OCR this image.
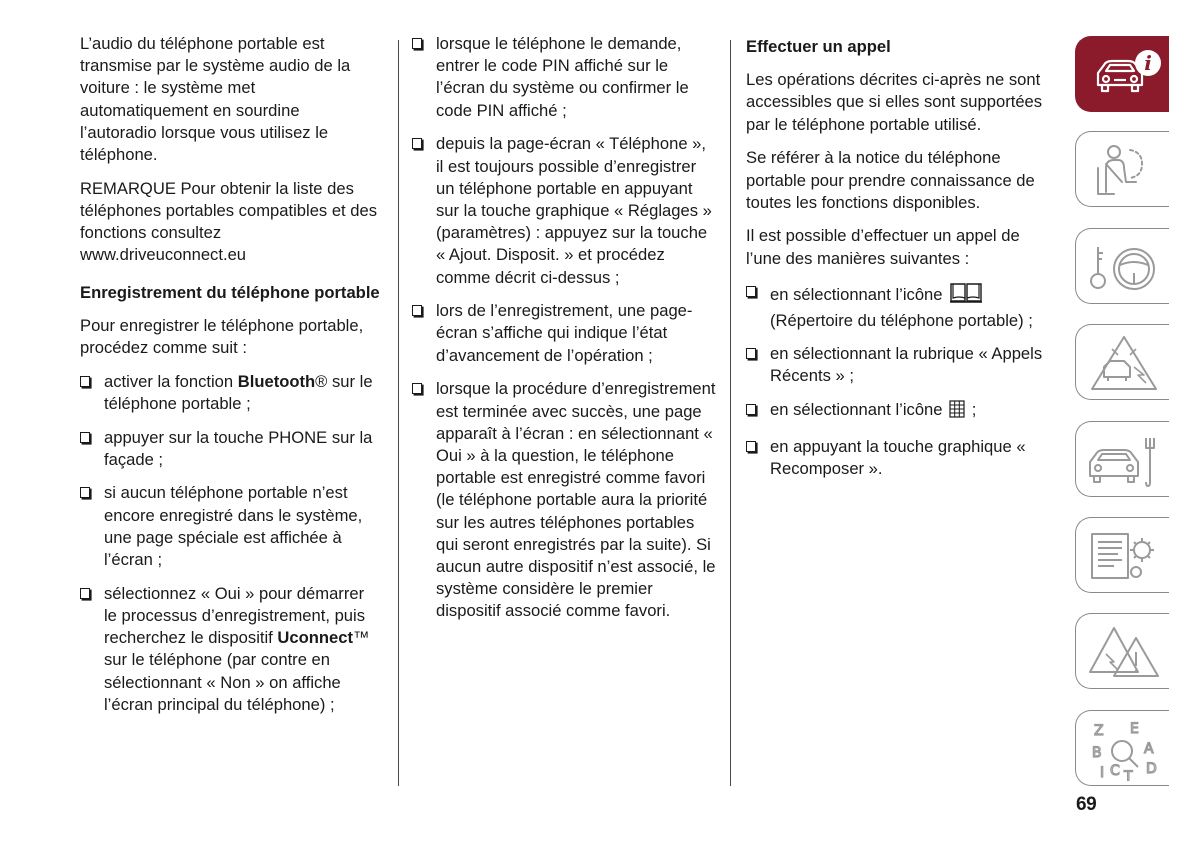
L’audio du téléphone portable est transmise par le système audio de la voiture : le système met automatiquement en sourdine l’autoradio lorsque vous utilisez le téléphone.

REMARQUE Pour obtenir la liste des téléphones portables compatibles et des fonctions consultez www.driveuconnect.eu

Enregistrement du téléphone portable

Pour enregistrer le téléphone portable, procédez comme suit :

activer la fonction Bluetooth® sur le téléphone portable ;
appuyer sur la touche PHONE sur la façade ;
si aucun téléphone portable n’est encore enregistré dans le système, une page spéciale est affichée à l’écran ;
sélectionnez « Oui » pour démarrer le processus d’enregistrement, puis recherchez le dispositif Uconnect™ sur le téléphone (par contre en sélectionnant « Non » on affiche l’écran principal du téléphone) ;
lorsque le téléphone le demande, entrer le code PIN affiché sur le l’écran du système ou confirmer le code PIN affiché ;
depuis la page-écran « Téléphone », il est toujours possible d’enregistrer un téléphone portable en appuyant sur la touche graphique « Réglages » (paramètres) : appuyez sur la touche « Ajout. Disposit. » et procédez comme décrit ci-dessus ;
lors de l’enregistrement, une page-écran s’affiche qui indique l’état d’avancement de l’opération ;
lorsque la procédure d’enregistrement est terminée avec succès, une page apparaît à l’écran : en sélectionnant « Oui » à la question, le téléphone portable est enregistré comme favori (le téléphone portable aura la priorité sur les autres téléphones portables qui seront enregistrés par la suite). Si aucun autre dispositif n’est associé, le système considère le premier dispositif associé comme favori.
Effectuer un appel

Les opérations décrites ci-après ne sont accessibles que si elles sont supportées par le téléphone portable utilisé.

Se référer à la notice du téléphone portable pour prendre connaissance de toutes les fonctions disponibles.

Il est possible d’effectuer un appel de l’une des manières suivantes :

en sélectionnant l’icône
(Répertoire du téléphone portable) ;
en sélectionnant la rubrique « Appels Récents » ;
en sélectionnant l’icône  ;
en appuyant la touche graphique « Recomposer ».
i
Z E
B	A
I C T D
69
